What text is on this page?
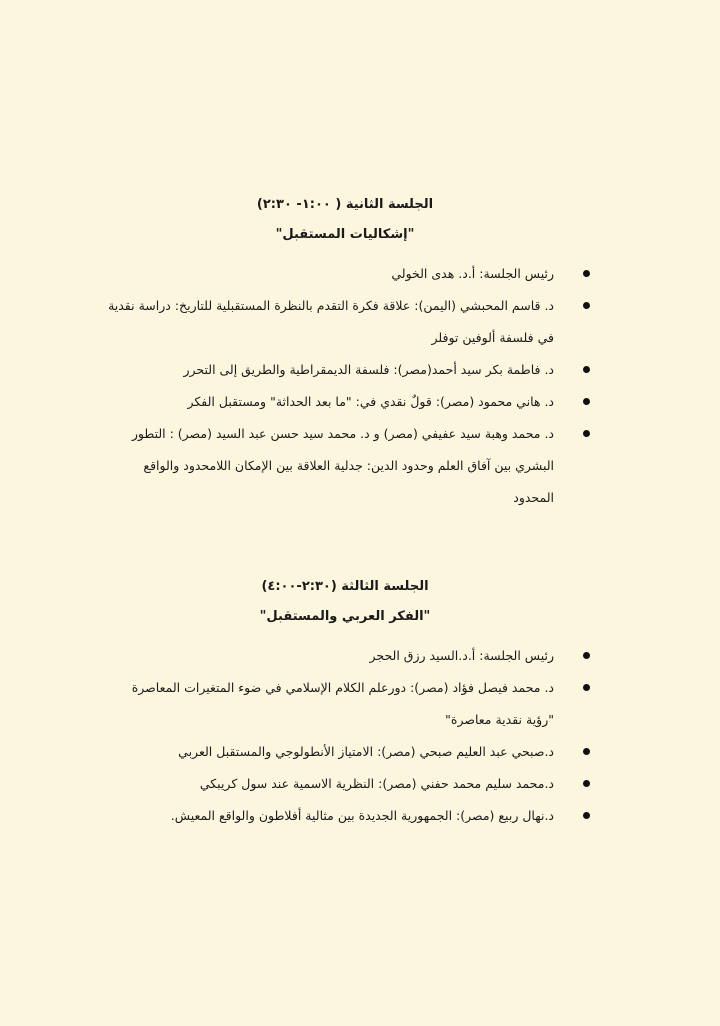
الجلسة الثانية ( ١:٠٠- ٢:٣٠)
"إشكاليات المستقبل"
رئيس الجلسة: أ.د. هدى الخولي
د. قاسم المحبشي (اليمن): علاقة فكرة التقدم بالنظرة المستقبلية للتاريخ: دراسة نقدية في فلسفة ألوفين توفلر
د. فاطمة بكر سيد أحمد(مصر): فلسفة الديمقراطية والطريق إلى التحرر
د. هاني محمود (مصر): قولٌ نقدي في: "ما بعد الحداثة" ومستقبل الفكر
د. محمد وهبة سيد عفيفي (مصر) و د. محمد سيد حسن عبد السيد (مصر) : التطور البشري بين آفاق العلم وحدود الدين: جدلية العلاقة بين الإمكان اللامحدود والواقع المحدود
الجلسة الثالثة (٢:٣٠-٤:٠٠)
"الفكر العربي والمستقبل"
رئيس الجلسة: أ.د.السيد رزق الحجر
د. محمد فيصل فؤاد (مصر): دورعلم الكلام الإسلامي في ضوء المتغيرات المعاصرة "رؤية نقدية معاصرة"
د.صبحي عبد العليم صبحي (مصر): الامتياز الأنطولوجي والمستقبل العربي
د.محمد سليم محمد حفني (مصر): النظرية الاسمية عند سول كريبكي
د.نهال ربيع (مصر): الجمهورية الجديدة بين مثالية أفلاطون والواقع المعيش.
